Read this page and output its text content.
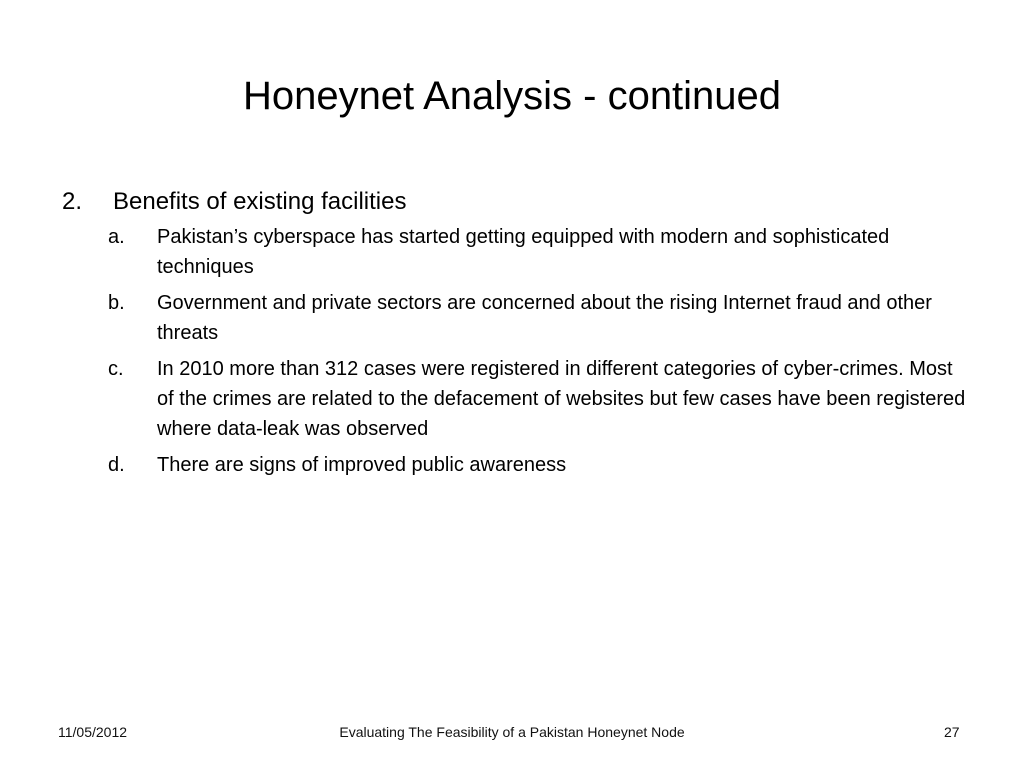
Honeynet Analysis - continued
2.	Benefits of existing facilities
a.	Pakistan’s cyberspace has started getting equipped with modern and sophisticated techniques
b.	Government and private sectors are concerned about the rising Internet fraud and other threats
c.	In 2010 more than 312 cases were registered in different categories of cyber-crimes. Most of the crimes are related to the defacement of websites but few cases have been registered where data-leak was observed
d.	There are signs of improved public awareness
11/05/2012	Evaluating The Feasibility of a Pakistan Honeynet Node	27
